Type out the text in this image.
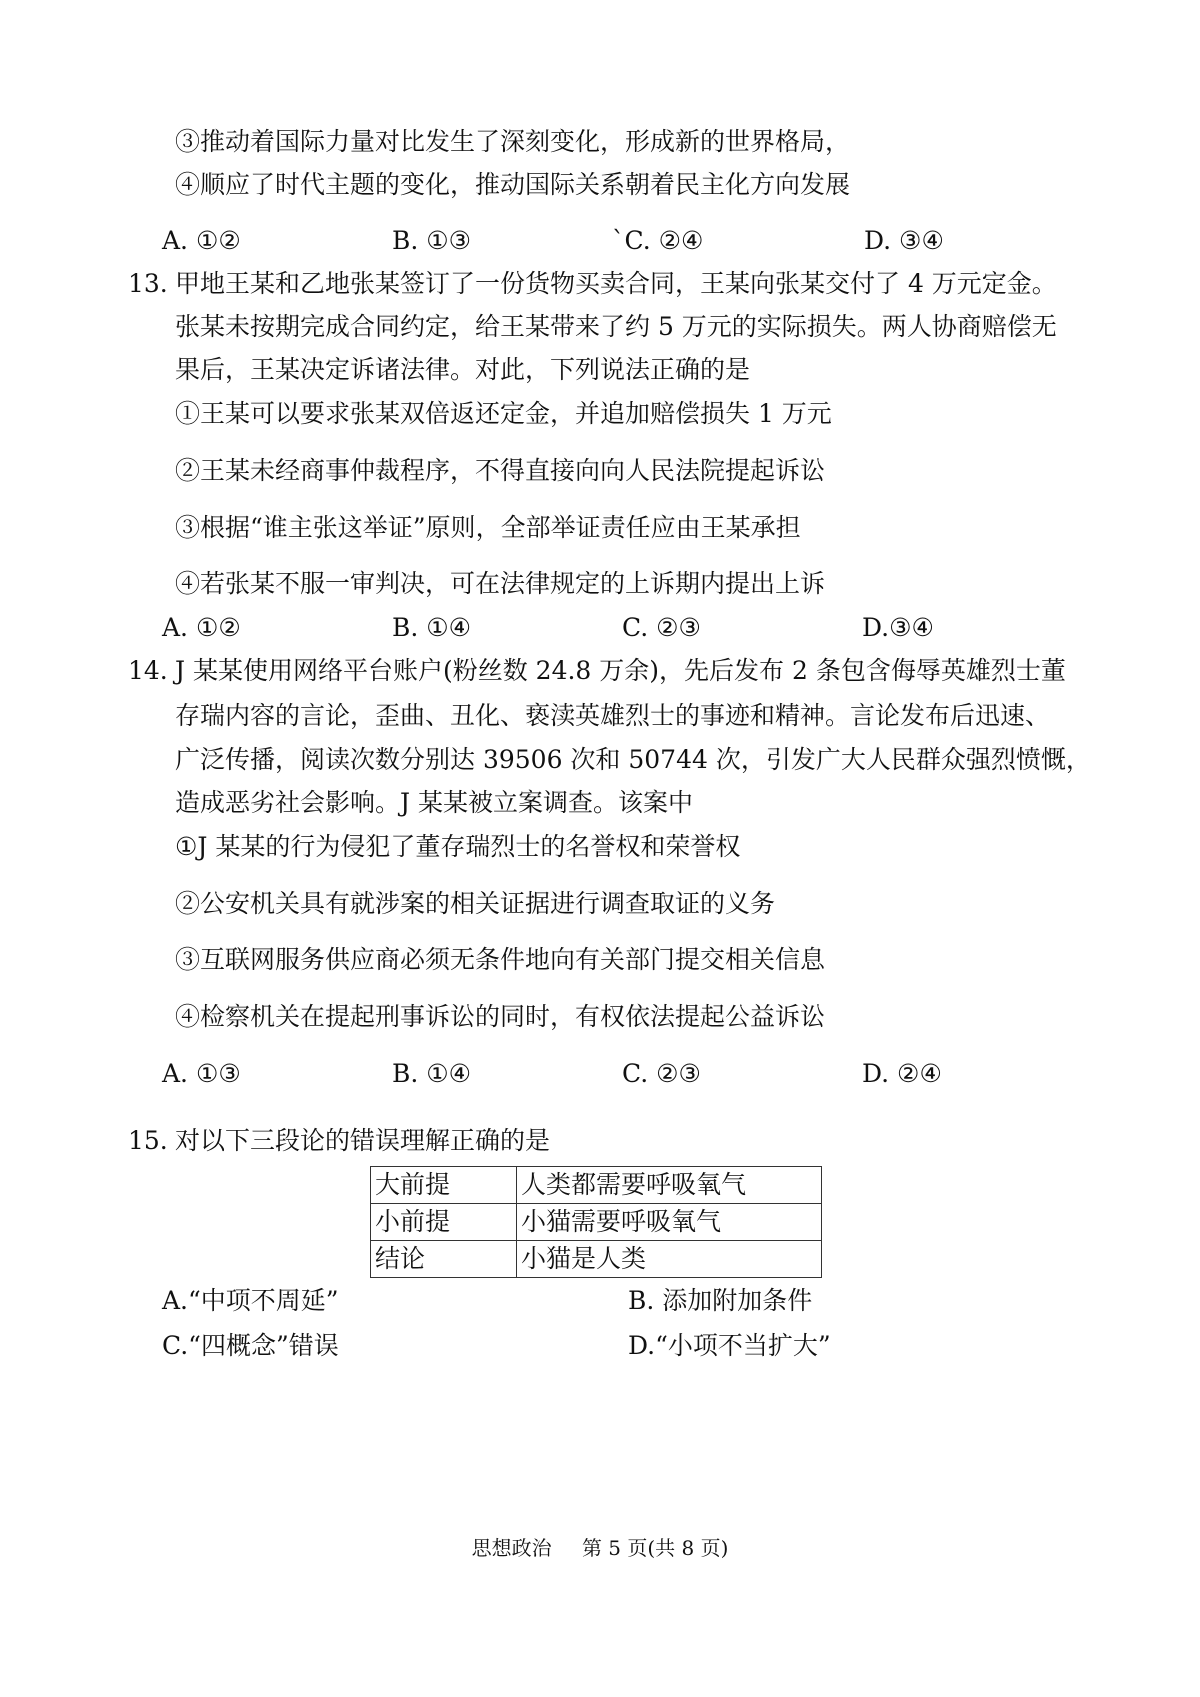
③推动着国际力量对比发生了深刻变化，形成新的世界格局，
④顺应了时代主题的变化，推动国际关系朝着民主化方向发展
A. ①②	B. ①③	`C. ②④	D. ③④
13. 甲地王某和乙地张某签订了一份货物买卖合同，王某向张某交付了 4 万元定金。
张某未按期完成合同约定，给王某带来了约 5 万元的实际损失。两人协商赔偿无
果后，王某决定诉诸法律。对此，下列说法正确的是
①王某可以要求张某双倍返还定金，并追加赔偿损失 1 万元
②王某未经商事仲裁程序，不得直接向向人民法院提起诉讼
③根据“谁主张这举证”原则，全部举证责任应由王某承担
④若张某不服一审判决，可在法律规定的上诉期内提出上诉
A. ①②	B. ①④	C. ②③	D.③④
14. J 某某使用网络平台账户(粉丝数 24.8 万余)，先后发布 2 条包含侮辱英雄烈士董
存瑞内容的言论，歪曲、丑化、亵渎英雄烈士的事迹和精神。言论发布后迅速、
广泛传播，阅读次数分别达 39506 次和 50744 次，引发广大人民群众强烈愤慨，
造成恶劣社会影响。J 某某被立案调查。该案中
①J 某某的行为侵犯了董存瑞烈士的名誉权和荣誉权
②公安机关具有就涉案的相关证据进行调查取证的义务
③互联网服务供应商必须无条件地向有关部门提交相关信息
④检察机关在提起刑事诉讼的同时，有权依法提起公益诉讼
A. ①③	B. ①④	C. ②③	D. ②④
15. 对以下三段论的错误理解正确的是
大前提	人类都需要呼吸氧气
小前提	小猫需要呼吸氧气
结论	小猫是人类
A.“中项不周延”	B. 添加附加条件
C.“四概念”错误	D.“小项不当扩大”
思想政治 第 5 页(共 8 页)
